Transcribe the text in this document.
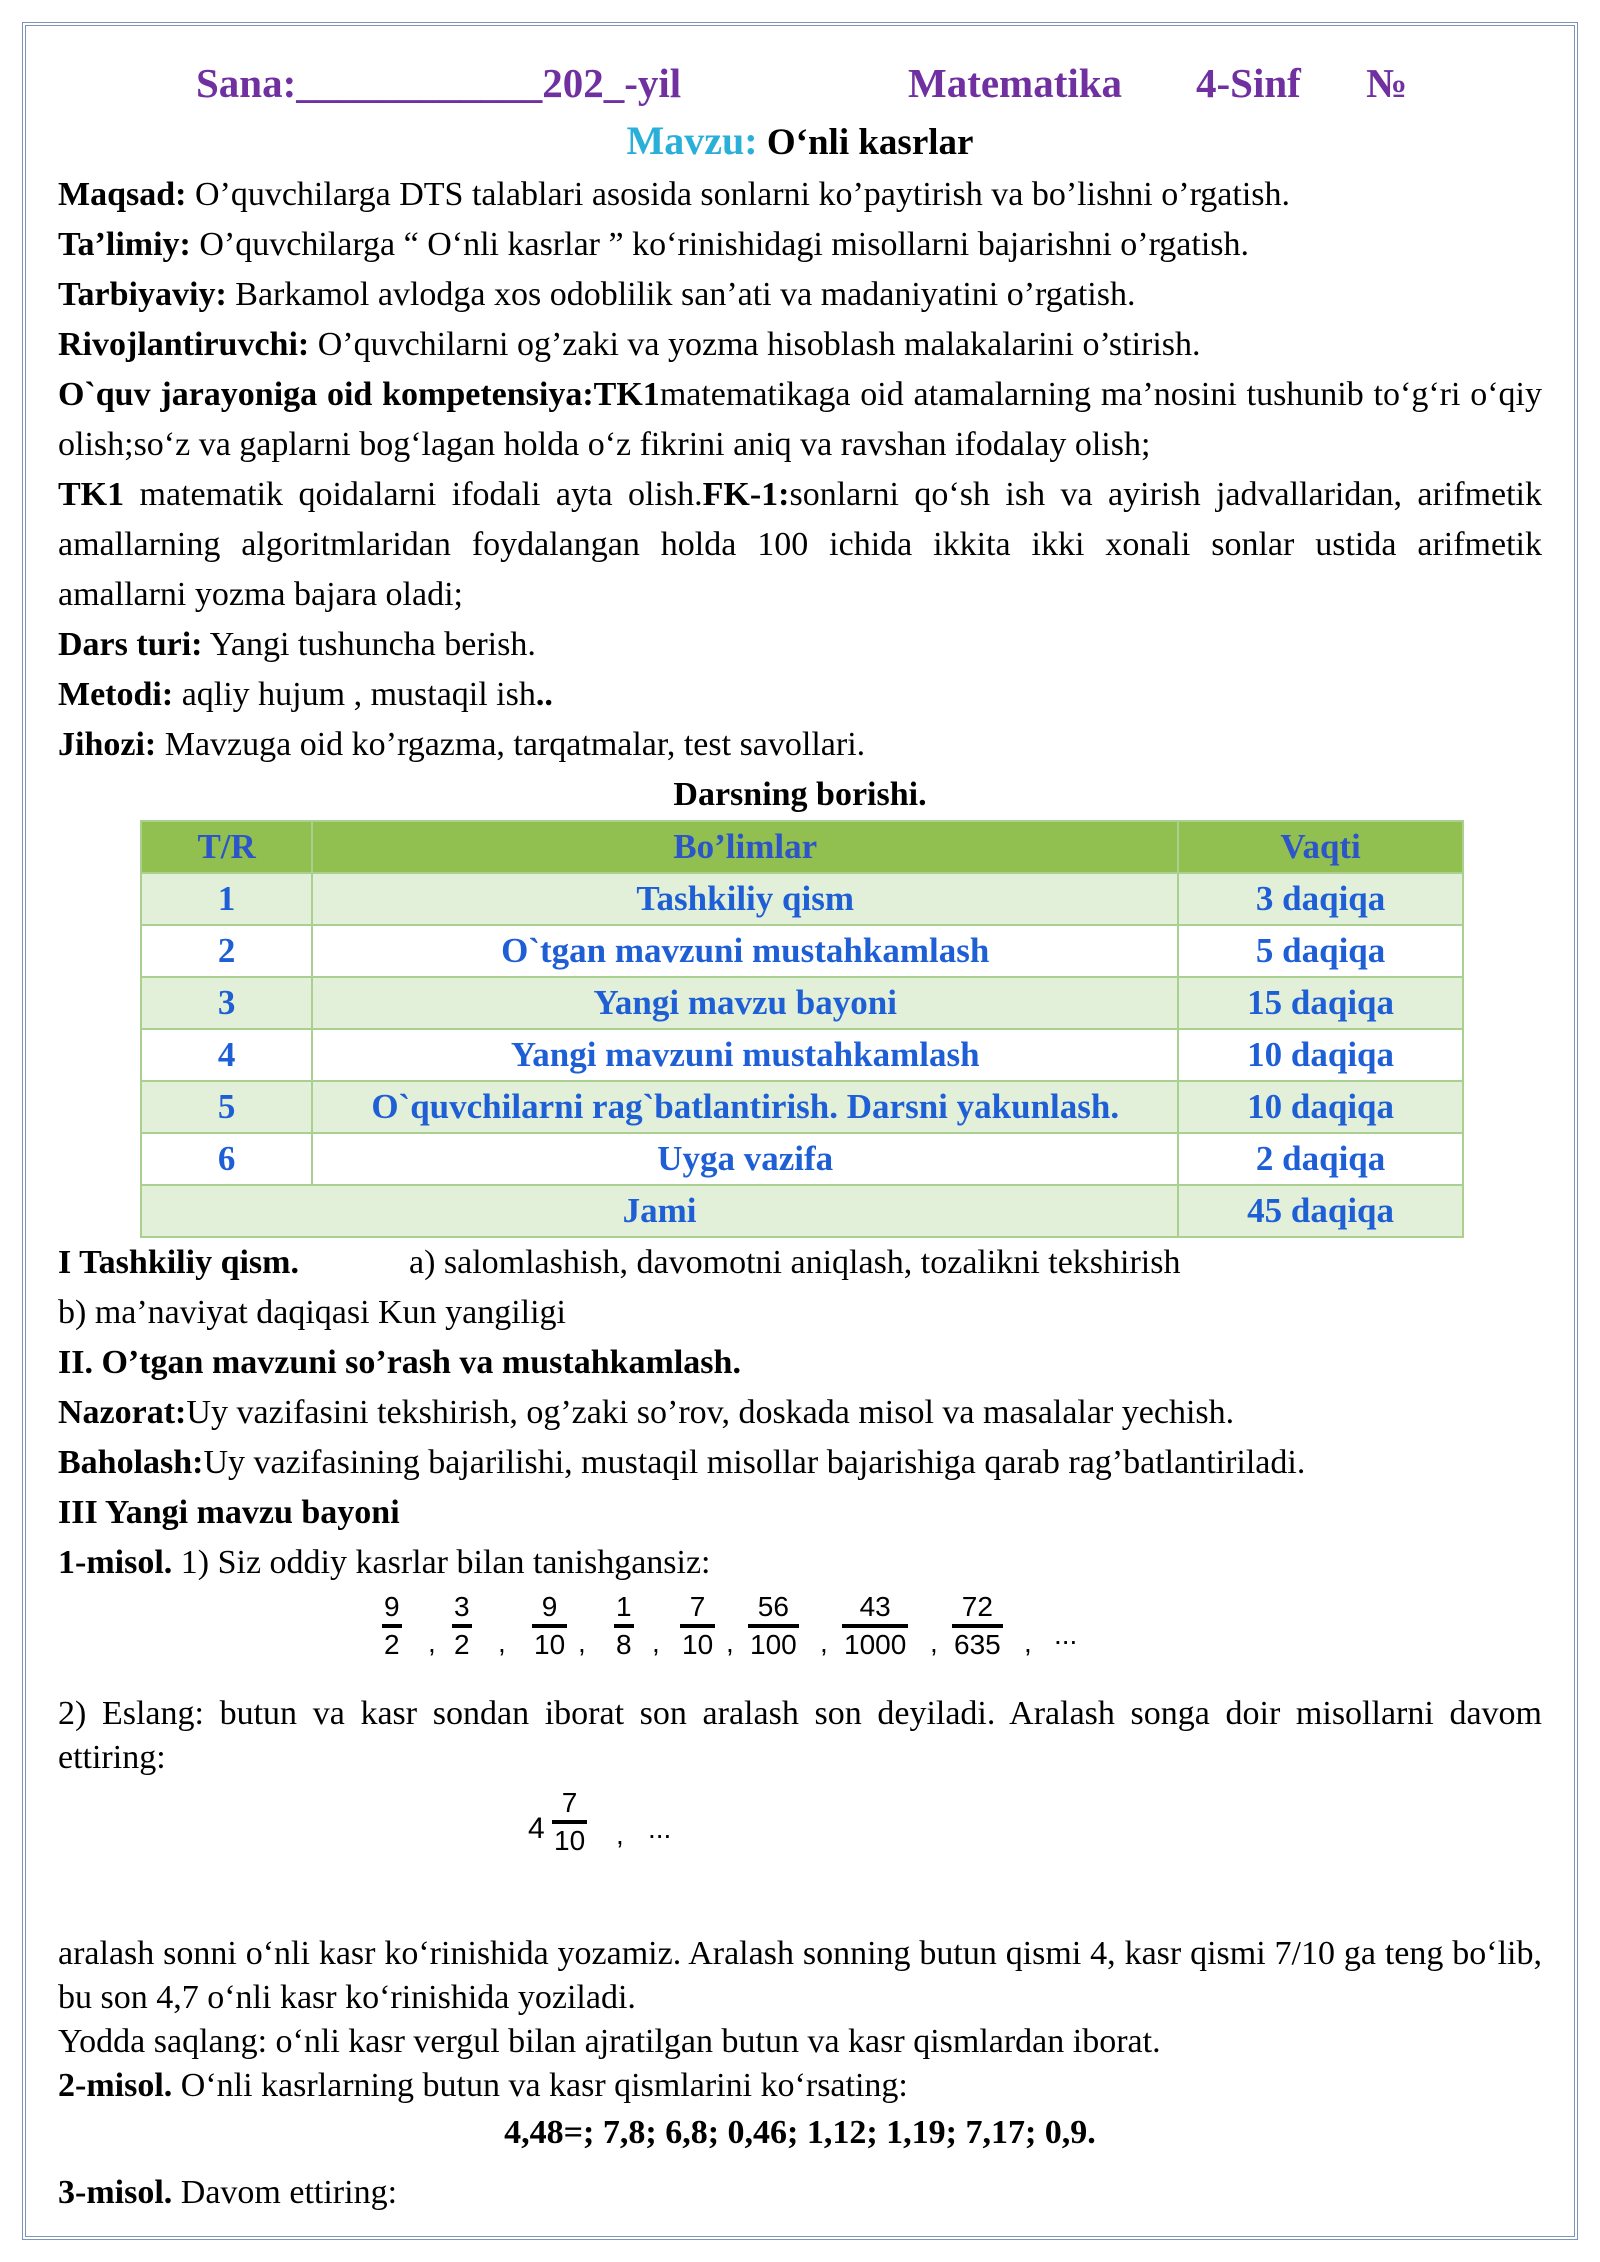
Sana:____________202_-yil	Matematika 4-Sinf №
Mavzu: O‘nli kasrlar

Maqsad: O’quvchilarga DTS talablari asosida sonlarni ko’paytirish va bo’lishni o’rgatish.

Ta’limiy: O’quvchilarga “ O‘nli kasrlar ” ko‘rinishidagi misollarni bajarishni o’rgatish.

Tarbiyaviy: Barkamol avlodga xos odoblilik san’ati va madaniyatini o’rgatish.

Rivojlantiruvchi: O’quvchilarni og’zaki va yozma hisoblash malakalarini o’stirish.

O`quv jarayoniga oid kompetensiya:TK1matematikaga oid atamalarning ma’nosini tushunib to‘g‘ri o‘qiy olish;so‘z va gaplarni bog‘lagan holda o‘z fikrini aniq va ravshan ifodalay olish;
TK1 matematik qoidalarni ifodali ayta olish.FK-1:sonlarni qo‘sh ish va ayirish jadvallaridan, arifmetik amallarning algoritmlaridan foydalangan holda 100 ichida ikkita ikki xonali sonlar ustida arifmetik amallarni yozma bajara oladi;

Dars turi: Yangi tushuncha berish.

Metodi: aqliy hujum , mustaqil ish..

Jihozi: Mavzuga oid ko’rgazma, tarqatmalar, test savollari.

Darsning borishi.

T/R	Bo’limlar	Vaqti
1	Tashkiliy qism	3 daqiqa
2	O`tgan mavzuni mustahkamlash	5 daqiqa
3	Yangi mavzu bayoni	15 daqiqa
4	Yangi mavzuni mustahkamlash	10 daqiqa
5	O`quvchilarni rag`batlantirish. Darsni yakunlash.	10 daqiqa
6	Uyga vazifa	2 daqiqa
Jami		45 daqiqa

I Tashkiliy qism.	a) salomlashish, davomotni aniqlash, tozalikni tekshirish

b) ma’naviyat daqiqasi Kun yangiligi

II. O’tgan mavzuni so’rash va mustahkamlash.

Nazorat:Uy vazifasini tekshirish, og’zaki so’rov, doskada misol va masalalar yechish.

Baholash:Uy vazifasining bajarilishi, mustaqil misollar bajarishiga qarab rag’batlantiriladi.

III Yangi mavzu bayoni

1-misol. 1) Siz oddiy kasrlar bilan tanishgansiz:

9
2 ,
3
2 ,
9
10 ,
1
8 ,
7
10 ,
56
100 ,
43
1000 ,
72
635 , ...

2) Eslang: butun va kasr sondan iborat son aralash son deyiladi. Aralash songa doir misollarni davom ettiring:

4
7
10 , ...

aralash sonni o‘nli kasr ko‘rinishida yozamiz. Aralash sonning butun qismi 4, kasr qismi 7/10 ga teng bo‘lib, bu son 4,7 o‘nli kasr ko‘rinishida yoziladi.

Yodda saqlang: o‘nli kasr vergul bilan ajratilgan butun va kasr qismlardan iborat.

2-misol. O‘nli kasrlarning butun va kasr qismlarini ko‘rsating:

4,48=; 7,8; 6,8; 0,46; 1,12; 1,19; 7,17; 0,9.

3-misol. Davom ettiring:
